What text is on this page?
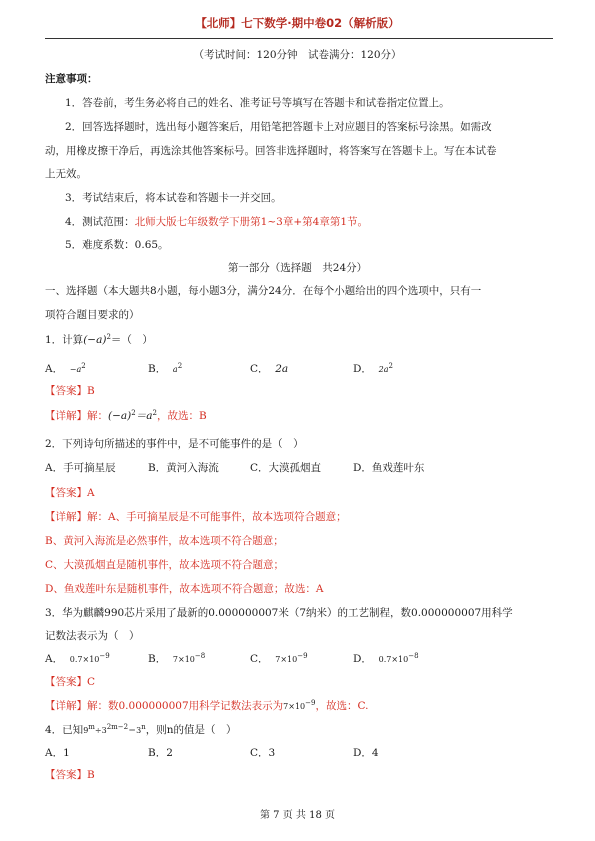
【北师】七下数学·期中卷02（解析版）
（考试时间：120分钟　试卷满分：120分）
注意事项：
1．答卷前，考生务必将自己的姓名、准考证号等填写在答题卡和试卷指定位置上。
2．回答选择题时，选出每小题答案后，用铅笔把答题卡上对应题目的答案标号涂黑。如需改
动，用橡皮擦干净后，再选涂其他答案标号。回答非选择题时，将答案写在答题卡上。写在本试卷
上无效。
3．考试结束后，将本试卷和答题卡一并交回。
4．测试范围：北师大版七年级数学下册第1~3章+第4章第1节。
5．难度系数：0.65。
第一部分（选择题　共24分）
一、选择题（本大题共8小题，每小题3分，满分24分．在每个小题给出的四个选项中，只有一
项符合题目要求的）
1．计算$(-a)^2=$（　）
A． $-a^2$	B． $a^2$	C． 2a	D． $2a^2$
【答案】B
【详解】解：$(-a)^2=a^2$，故选：B
2．下列诗句所描述的事件中，是不可能事件的是（　）
A．手可摘星辰	B．黄河入海流	C．大漠孤烟直	D．鱼戏莲叶东
【答案】A
【详解】解：A、手可摘星辰是不可能事件，故本选项符合题意；
B、黄河入海流是必然事件，故本选项不符合题意；
C、大漠孤烟直是随机事件，故本选项不符合题意；
D、鱼戏莲叶东是随机事件，故本选项不符合题意；故选：A
3．华为麒麟990芯片采用了最新的0.000000007米（7纳米）的工艺制程，数0.000000007用科学
记数法表示为（　）
A． $0.7\times 10^{-9}$	B． $7\times 10^{-8}$	C． $7\times 10^{-9}$	D． $0.7\times 10^{-8}$
【答案】C
【详解】解：数0.000000007用科学记数法表示为$7\times 10^{-9}$，故选：C.
4．已知$9^m\div 3^{2m-2}=3^n$，则n的值是（　）
A．1	B．2	C．3	D．4
【答案】B
第 7 页 共 18 页
